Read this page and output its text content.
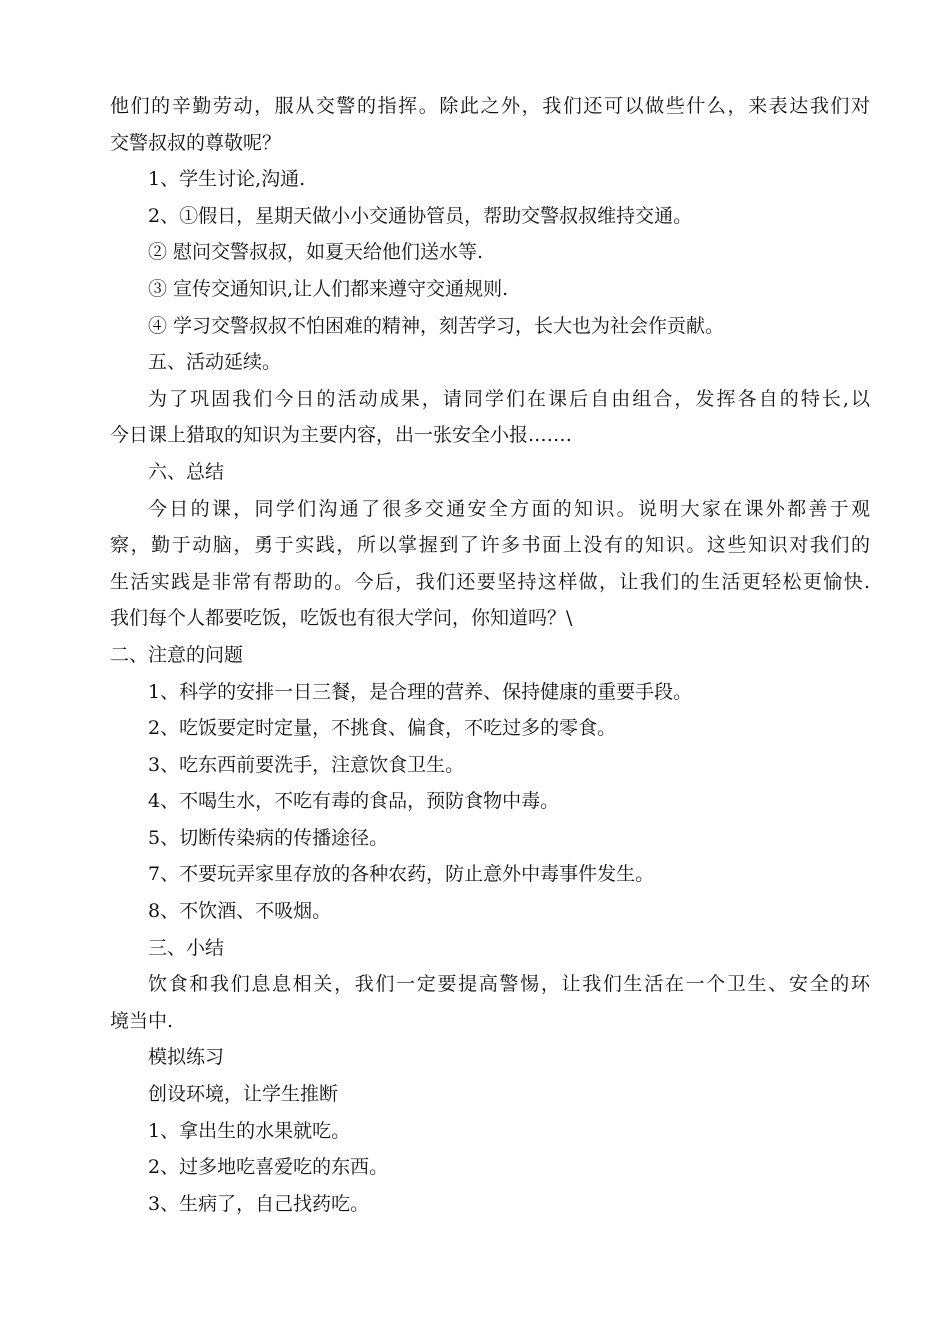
他们的辛勤劳动，服从交警的指挥。除此之外，我们还可以做些什么，来表达我们对
交警叔叔的尊敬呢？
1、学生讨论,沟通.
2、①假日，星期天做小小交通协管员，帮助交警叔叔维持交通。
② 慰问交警叔叔，如夏天给他们送水等.
③ 宣传交通知识,让人们都来遵守交通规则.
④ 学习交警叔叔不怕困难的精神，刻苦学习，长大也为社会作贡献。
五、活动延续。
为了巩固我们今日的活动成果，请同学们在课后自由组合，发挥各自的特长,以
今日课上猎取的知识为主要内容，出一张安全小报.……
六、总结
今日的课，同学们沟通了很多交通安全方面的知识。说明大家在课外都善于观
察，勤于动脑，勇于实践，所以掌握到了许多书面上没有的知识。这些知识对我们的
生活实践是非常有帮助的。今后，我们还要坚持这样做，让我们的生活更轻松更愉快.
我们每个人都要吃饭，吃饭也有很大学问，你知道吗？\
二、注意的问题
1、科学的安排一日三餐，是合理的营养、保持健康的重要手段。
2、吃饭要定时定量，不挑食、偏食，不吃过多的零食。
3、吃东西前要洗手，注意饮食卫生。
4、不喝生水，不吃有毒的食品，预防食物中毒。
5、切断传染病的传播途径。
7、不要玩弄家里存放的各种农药，防止意外中毒事件发生。
8、不饮酒、不吸烟。
三、小结
饮食和我们息息相关，我们一定要提高警惕，让我们生活在一个卫生、安全的环
境当中.
模拟练习
创设环境，让学生推断
1、拿出生的水果就吃。
2、过多地吃喜爱吃的东西。
3、生病了，自己找药吃。
